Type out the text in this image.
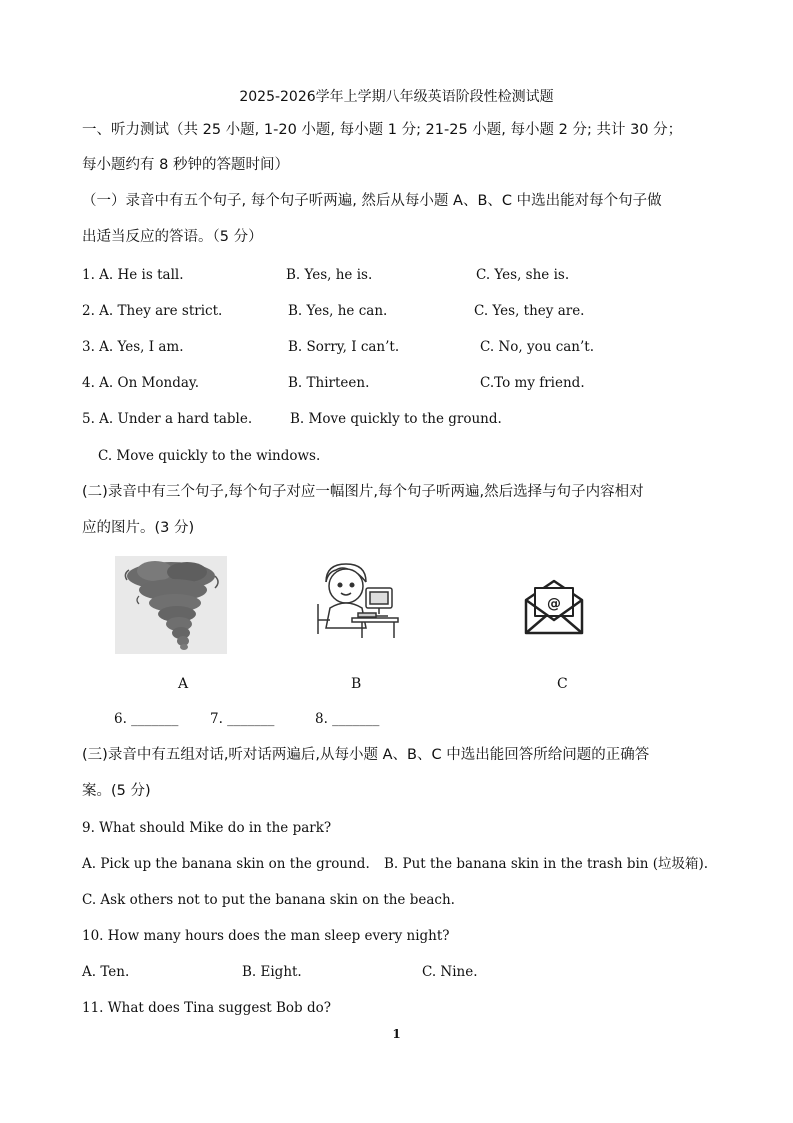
2025-2026学年上学期八年级英语阶段性检测试题
一、听力测试（共 25 小题, 1-20 小题, 每小题 1 分; 21-25 小题, 每小题 2 分; 共计 30 分；
每小题约有 8 秒钟的答题时间）
（一）录音中有五个句子, 每个句子听两遍, 然后从每小题 A、B、C 中选出能对每个句子做
出适当反应的答语。（5 分）
1. A. He is tall.	B. Yes, he is.	C. Yes, she is.
2. A. They are strict.	B. Yes, he can.	C. Yes, they are.
3. A. Yes, I am.	B. Sorry, I can’t.	C. No, you can’t.
4. A. On Monday.	B. Thirteen.	C.To my friend.
5. A. Under a hard table.	B. Move quickly to the ground.
C. Move quickly to the windows.
(二)录音中有三个句子,每个句子对应一幅图片,每个句子听两遍,然后选择与句子内容相对
应的图片。(3 分)
@
A	B	C
6. _______ 7. _______	8. _______
(三)录音中有五组对话,听对话两遍后,从每小题 A、B、C 中选出能回答所给问题的正确答
案。(5 分)
9. What should Mike do in the park?
A. Pick up the banana skin on the ground. B. Put the banana skin in the trash bin (垃圾箱).
C. Ask others not to put the banana skin on the beach.
10. How many hours does the man sleep every night?
A. Ten.	B. Eight.	C. Nine.
11. What does Tina suggest Bob do?
1
